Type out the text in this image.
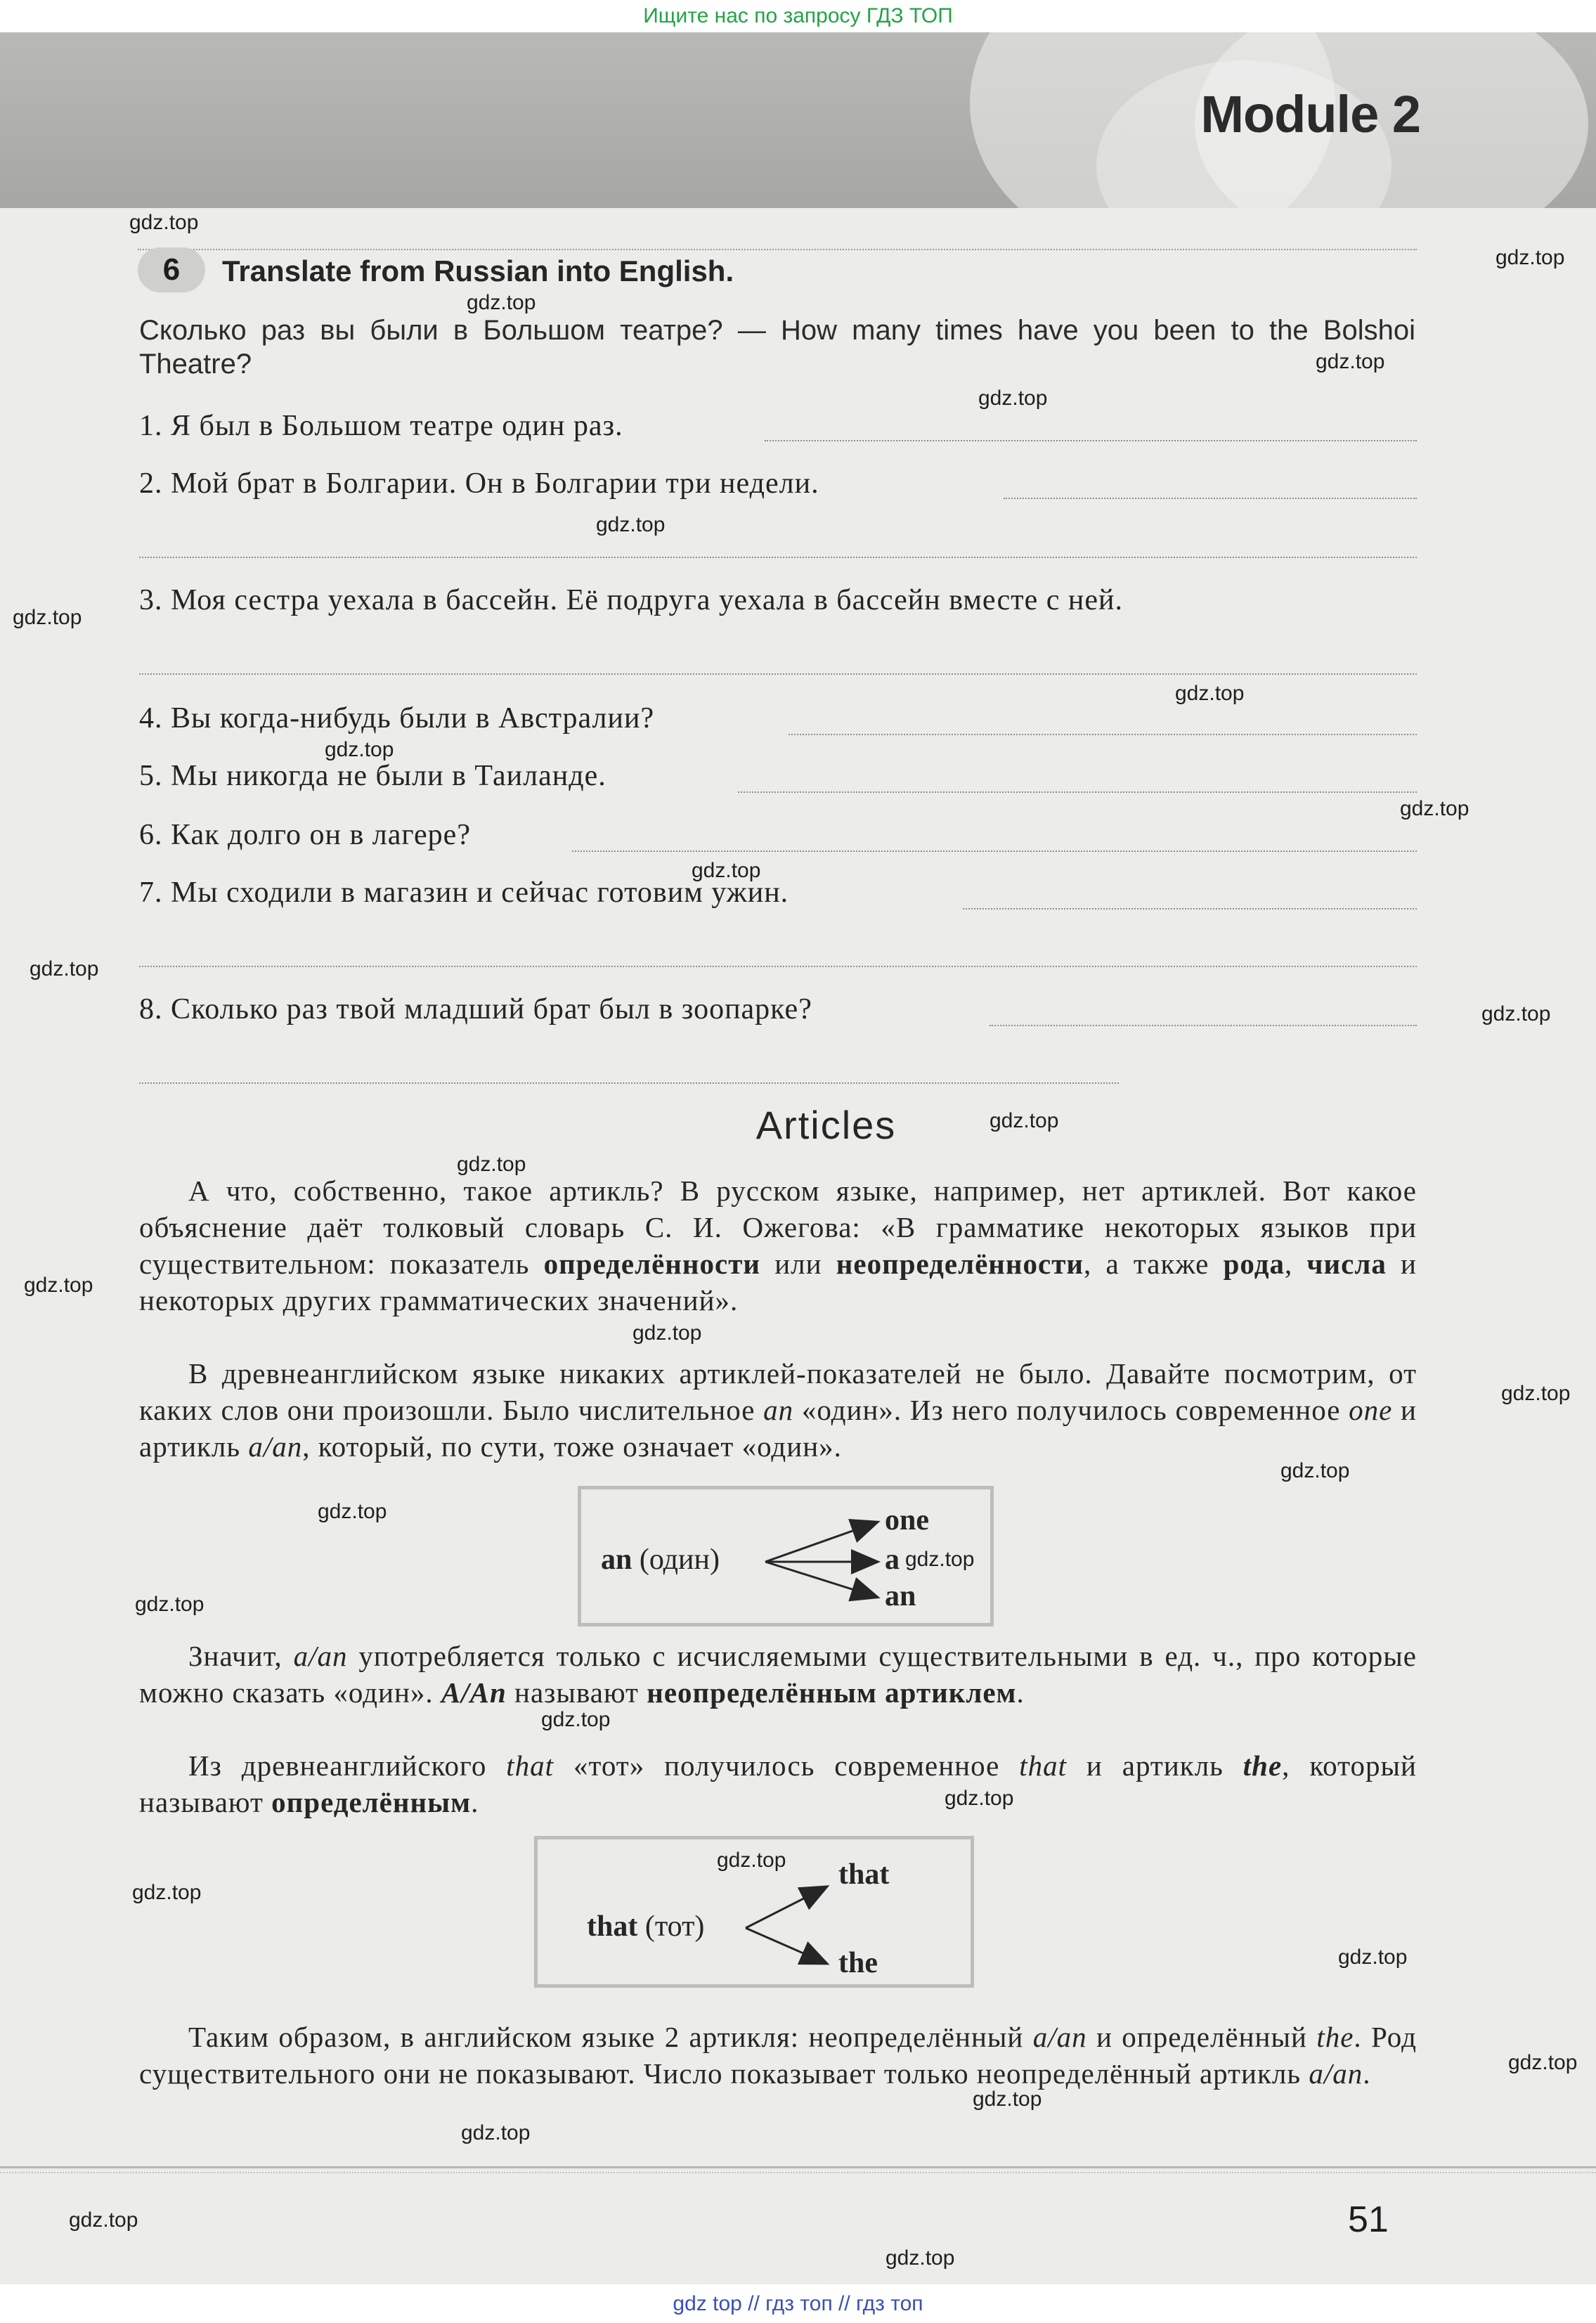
Ищите нас по запросу ГДЗ ТОП
Module 2
6	Translate from Russian into English.
Сколько раз вы были в Большом театре? — How many times have you been to the Bolshoi Theatre?
1. Я был в Большом театре один раз.
2. Мой брат в Болгарии. Он в Болгарии три недели.
3. Моя сестра уехала в бассейн. Её подруга уехала в бассейн вместе с ней.
4. Вы когда-нибудь были в Австралии?
5. Мы никогда не были в Таиланде.
6. Как долго он в лагере?
7. Мы сходили в магазин и сейчас готовим ужин.
8. Сколько раз твой младший брат был в зоопарке?
Articles
А что, собственно, такое артикль? В русском языке, например, нет артиклей. Вот какое объяснение даёт толковый словарь С. И. Ожегова: «В грамматике некоторых языков при существительном: показатель определённости или неопределённости, а также рода, числа и некоторых других грамматических значений».
В древнеанглийском языке никаких артиклей-показателей не было. Давайте посмотрим, от каких слов они произошли. Было числительное an «один». Из него получилось современное one и артикль a/an, который, по сути, тоже означает «один».
an (один)
one
a
an
Значит, a/an употребляется только с исчисляемыми существительными в ед. ч., про которые можно сказать «один». A/An называют неопределённым артиклем.
Из древнеанглийского that «тот» получилось современное that и артикль the, который называют определённым.
that (тот)
that
the
Таким образом, в английском языке 2 артикля: неопределённый a/an и определённый the. Род существительного они не показывают. Число показывает только неопределённый артикль a/an.
51
gdz top // гдз топ // гдз топ
gdz.top
gdz.top
gdz.top
gdz.top
gdz.top
gdz.top
gdz.top
gdz.top
gdz.top
gdz.top
gdz.top
gdz.top
gdz.top
gdz.top
gdz.top
gdz.top
gdz.top
gdz.top
gdz.top
gdz.top
gdz.top
gdz.top
gdz.top
gdz.top
gdz.top
gdz.top
gdz.top
gdz.top
gdz.top
gdz.top
gdz.top
gdz.top
